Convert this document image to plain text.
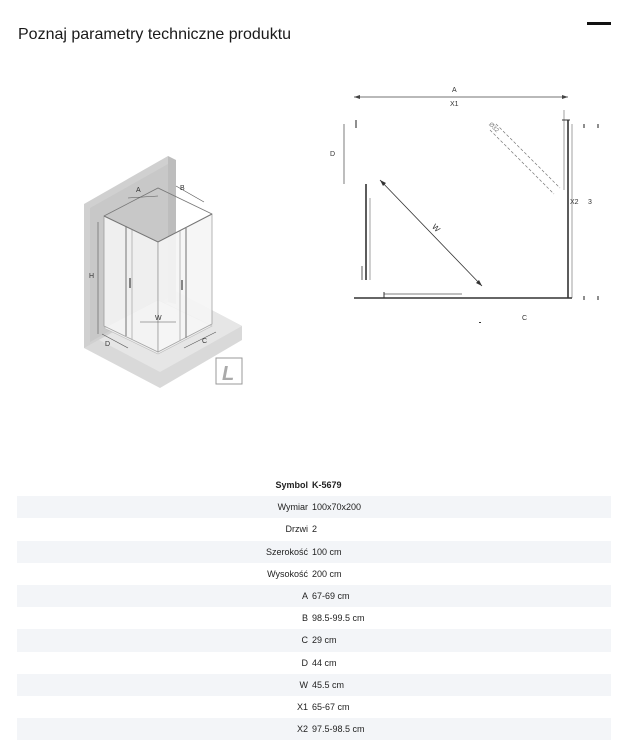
Poznaj parametry techniczne produktu
A	B
H
W
D	C
L
A
X1
D
W
Ø32
X2 3
C
Symbol	K-5679
Wymiar	100x70x200
Drzwi	2
Szerokość	100 cm
Wysokość	200 cm
A	67-69 cm
B	98.5-99.5 cm
C	29 cm
D	44 cm
W	45.5 cm
X1	65-67 cm
X2	97.5-98.5 cm
